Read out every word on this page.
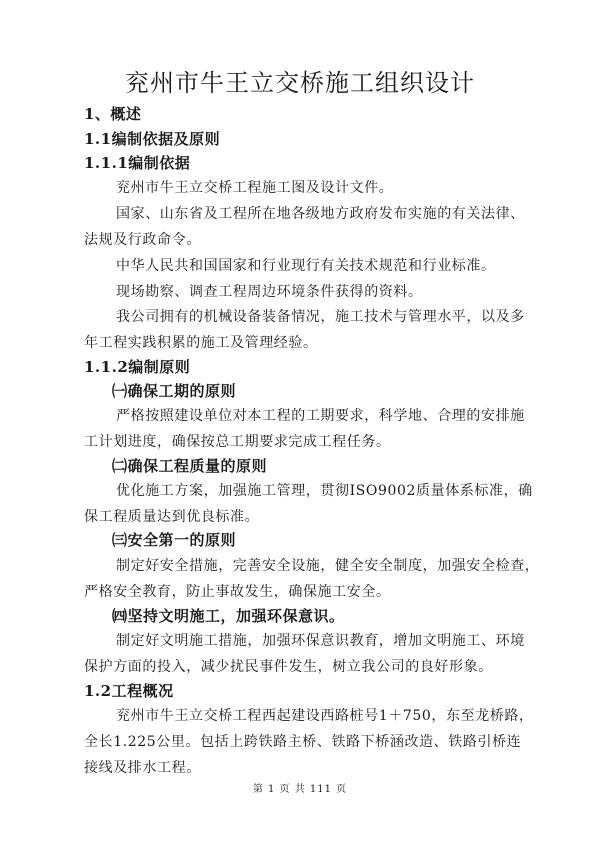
兖州市牛王立交桥施工组织设计
1、概述
1.1编制依据及原则
1.1.1编制依据
兖州市牛王立交桥工程施工图及设计文件。
国家、山东省及工程所在地各级地方政府发布实施的有关法律、
法规及行政命令。
中华人民共和国国家和行业现行有关技术规范和行业标准。
现场勘察、调查工程周边环境条件获得的资料。
我公司拥有的机械设备装备情况，施工技术与管理水平，以及多
年工程实践积累的施工及管理经验。
1.1.2编制原则
㈠确保工期的原则
严格按照建设单位对本工程的工期要求，科学地、合理的安排施
工计划进度，确保按总工期要求完成工程任务。
㈡确保工程质量的原则
优化施工方案，加强施工管理，贯彻ISO9002质量体系标准，确
保工程质量达到优良标准。
㈢安全第一的原则
制定好安全措施，完善安全设施，健全安全制度，加强安全检查，
严格安全教育，防止事故发生，确保施工安全。
㈣坚持文明施工，加强环保意识。
制定好文明施工措施，加强环保意识教育，增加文明施工、环境
保护方面的投入，减少扰民事件发生，树立我公司的良好形象。
1.2工程概况
兖州市牛王立交桥工程西起建设西路桩号1＋750，东至龙桥路，
全长1.225公里。包括上跨铁路主桥、铁路下桥涵改造、铁路引桥连
接线及排水工程。
第 1 页 共 111 页
